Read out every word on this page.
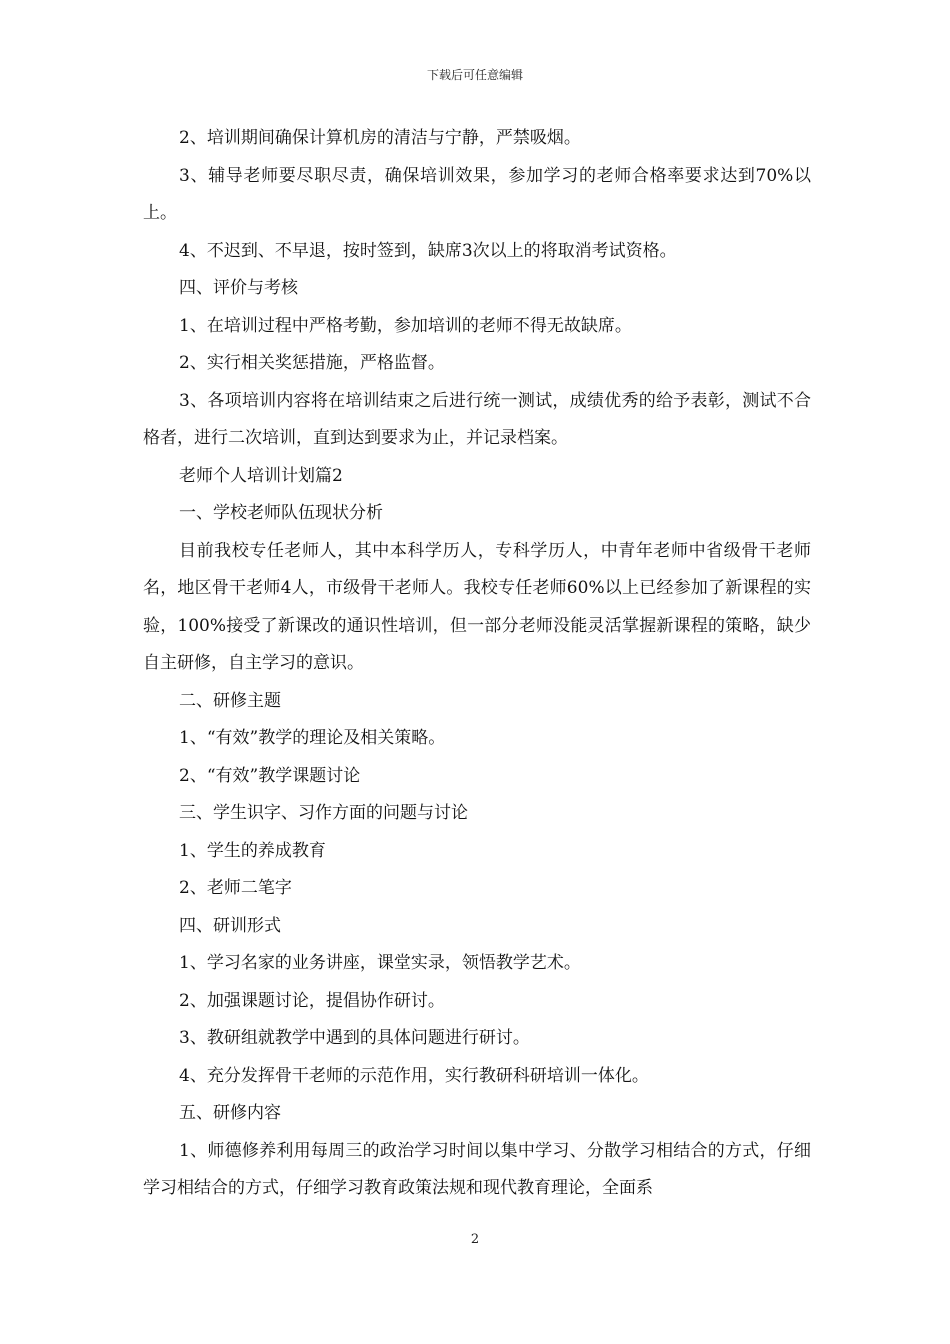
下载后可任意编辑

2、培训期间确保计算机房的清洁与宁静，严禁吸烟。

3、辅导老师要尽职尽责，确保培训效果，参加学习的老师合格率要求达到70%以上。

4、不迟到、不早退，按时签到，缺席3次以上的将取消考试资格。

四、评价与考核

1、在培训过程中严格考勤，参加培训的老师不得无故缺席。

2、实行相关奖惩措施，严格监督。

3、各项培训内容将在培训结束之后进行统一测试，成绩优秀的给予表彰，测试不合格者，进行二次培训，直到达到要求为止，并记录档案。

老师个人培训计划篇2

一、学校老师队伍现状分析

目前我校专任老师人，其中本科学历人，专科学历人，中青年老师中省级骨干老师名，地区骨干老师4人，市级骨干老师人。我校专任老师60%以上已经参加了新课程的实验，100%接受了新课改的通识性培训，但一部分老师没能灵活掌握新课程的策略，缺少自主研修，自主学习的意识。

二、研修主题

1、“有效”教学的理论及相关策略。

2、“有效”教学课题讨论

三、学生识字、习作方面的问题与讨论

1、学生的养成教育

2、老师二笔字

四、研训形式

1、学习名家的业务讲座，课堂实录，领悟教学艺术。

2、加强课题讨论，提倡协作研讨。

3、教研组就教学中遇到的具体问题进行研讨。

4、充分发挥骨干老师的示范作用，实行教研科研培训一体化。

五、研修内容

1、师德修养利用每周三的政治学习时间以集中学习、分散学习相结合的方式，仔细学习相结合的方式，仔细学习教育政策法规和现代教育理论，全面系

2
